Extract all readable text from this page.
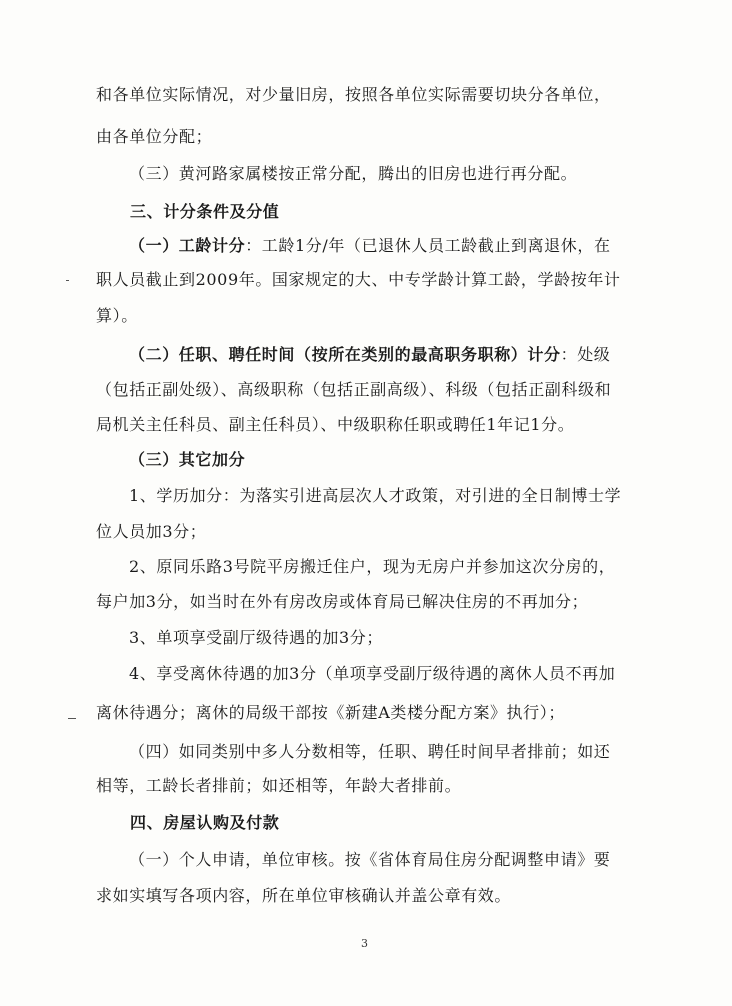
和各单位实际情况，对少量旧房，按照各单位实际需要切块分各单位，
由各单位分配；
（三）黄河路家属楼按正常分配，腾出的旧房也进行再分配。
三、计分条件及分值
（一）工龄计分：工龄1分/年（已退休人员工龄截止到离退休，在
职人员截止到2009年。国家规定的大、中专学龄计算工龄，学龄按年计
算）。
（二）任职、聘任时间（按所在类别的最高职务职称）计分：处级
（包括正副处级）、高级职称（包括正副高级）、科级（包括正副科级和
局机关主任科员、副主任科员）、中级职称任职或聘任1年记1分。
（三）其它加分
1、学历加分：为落实引进高层次人才政策，对引进的全日制博士学
位人员加3分；
2、原同乐路3号院平房搬迁住户，现为无房户并参加这次分房的，
每户加3分，如当时在外有房改房或体育局已解决住房的不再加分；
3、单项享受副厅级待遇的加3分；
4、享受离休待遇的加3分（单项享受副厅级待遇的离休人员不再加
离休待遇分；离休的局级干部按《新建A类楼分配方案》执行）；
（四）如同类别中多人分数相等，任职、聘任时间早者排前；如还
相等，工龄长者排前；如还相等，年龄大者排前。
四、房屋认购及付款
（一）个人申请，单位审核。按《省体育局住房分配调整申请》要
求如实填写各项内容，所在单位审核确认并盖公章有效。
3
